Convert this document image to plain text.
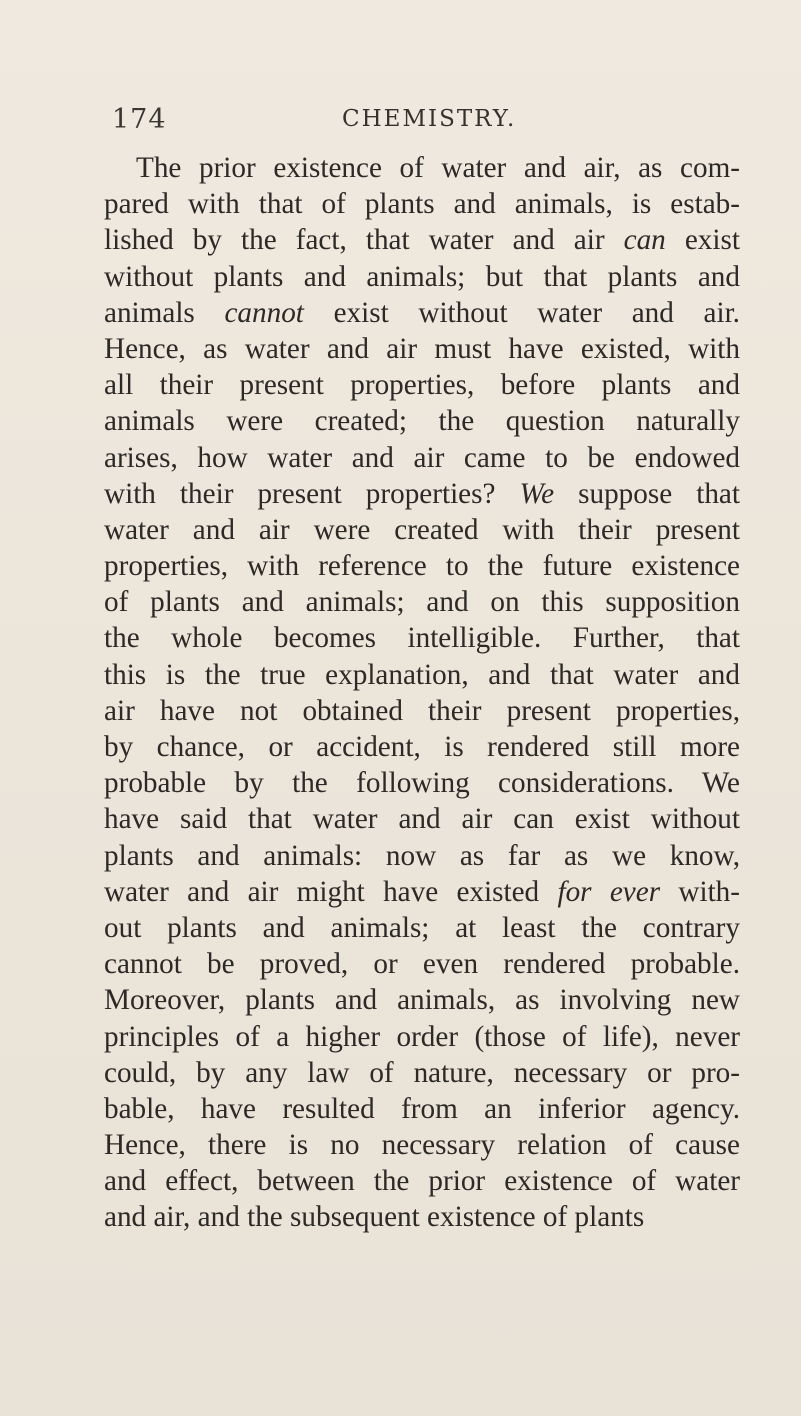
174	CHEMISTRY.
The prior existence of water and air, as com-
pared with that of plants and animals, is estab-
lished by the fact, that water and air can exist
without plants and animals; but that plants and
animals cannot exist without water and air.
Hence, as water and air must have existed, with
all their present properties, before plants and
animals were created; the question naturally
arises, how water and air came to be endowed
with their present properties? We suppose that
water and air were created with their present
properties, with reference to the future existence
of plants and animals; and on this supposition
the whole becomes intelligible. Further, that
this is the true explanation, and that water and
air have not obtained their present properties,
by chance, or accident, is rendered still more
probable by the following considerations. We
have said that water and air can exist without
plants and animals: now as far as we know,
water and air might have existed for ever with-
out plants and animals; at least the contrary
cannot be proved, or even rendered probable.
Moreover, plants and animals, as involving new
principles of a higher order (those of life), never
could, by any law of nature, necessary or pro-
bable, have resulted from an inferior agency.
Hence, there is no necessary relation of cause
and effect, between the prior existence of water
and air, and the subsequent existence of plants
